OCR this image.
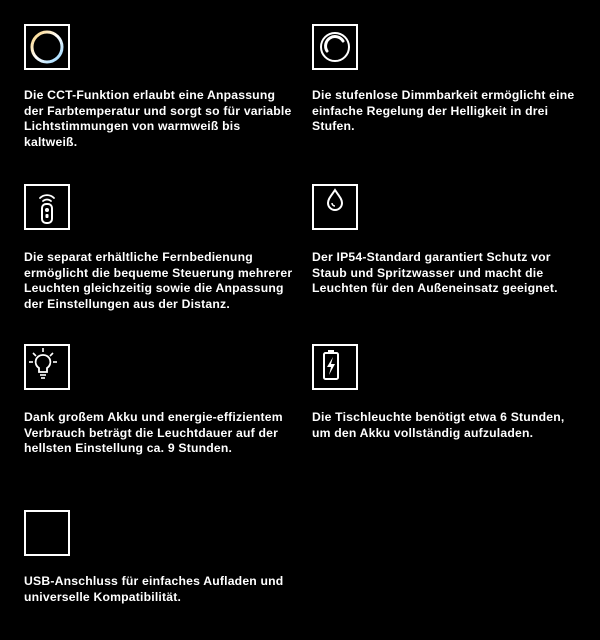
CCT

Die CCT-Funktion erlaubt eine Anpassung der Farbtemperatur und sorgt so für variable Lichtstimmungen von warmweiß bis kaltweiß.

Die stufenlose Dimmbarkeit ermöglicht eine einfache Regelung der Helligkeit in drei Stufen.

Die separat erhältliche Fernbedienung ermöglicht die bequeme Steuerung mehrerer Leuchten gleichzeitig sowie die Anpassung der Einstellungen aus der Distanz.

IP54

Der IP54-Standard garantiert Schutz vor Staub und Spritzwasser und macht die Leuchten für den Außeneinsatz geeignet.

9h

Dank großem Akku und energie-effizientem Verbrauch beträgt die Leuchtdauer auf der hellsten Einstellung ca. 9 Stunden.

6h

Die Tischleuchte benötigt etwa 6 Stunden, um den Akku vollständig aufzuladen.

USB

USB-Anschluss für einfaches Aufladen und universelle Kompatibilität.
